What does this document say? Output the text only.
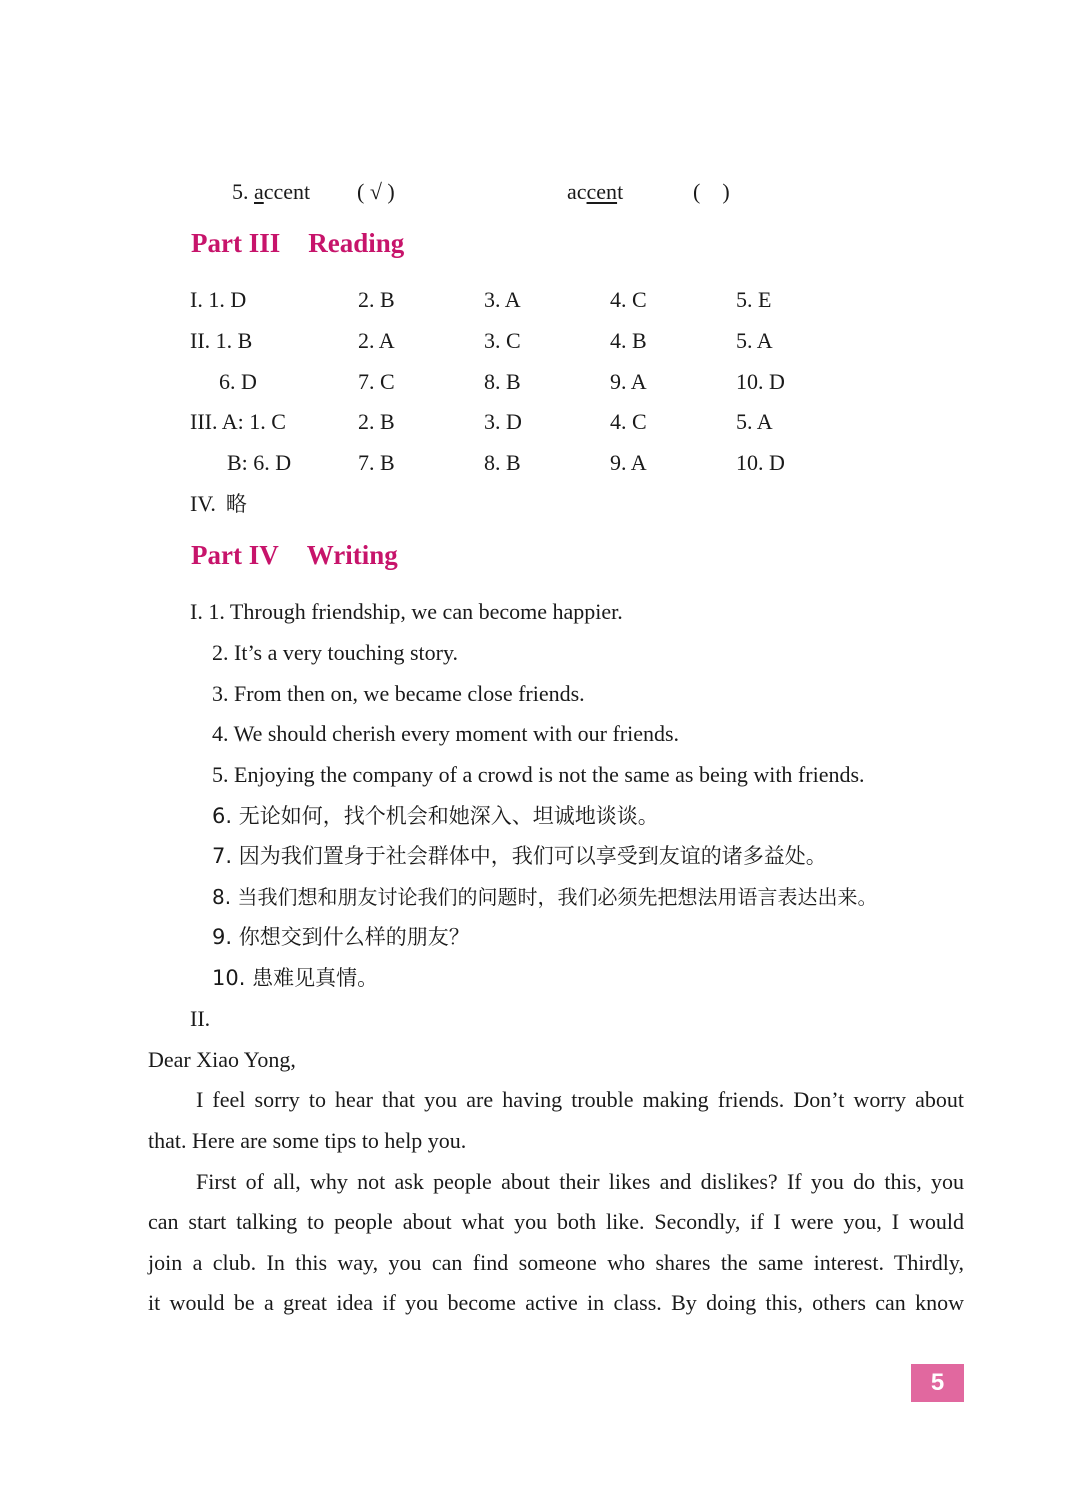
5. accent ( √ )	accent	(    )
Part III Reading
I. 1. D	2. B	3. A	4. C	5. E
II. 1. B	2. A	3. C	4. B	5. A
6. D	7. C	8. B	9. A	10. D
III. A: 1. C	2. B	3. D	4. C	5. A
B: 6. D	7. B	8. B	9. A	10. D
IV. 略
Part IV Writing
I. 1. Through friendship, we can become happier.
2. It’s a very touching story.
3. From then on, we became close friends.
4. We should cherish every moment with our friends.
5. Enjoying the company of a crowd is not the same as being with friends.
6. 无论如何，找个机会和她深入、坦诚地谈谈。
7. 因为我们置身于社会群体中，我们可以享受到友谊的诸多益处。
8. 当我们想和朋友讨论我们的问题时，我们必须先把想法用语言表达出来。
9. 你想交到什么样的朋友？
10. 患难见真情。
II.
Dear Xiao Yong,
I feel sorry to hear that you are having trouble making friends. Don’t worry about
that. Here are some tips to help you.
First of all, why not ask people about their likes and dislikes? If you do this, you
can start talking to people about what you both like. Secondly, if I were you, I would
join a club. In this way, you can find someone who shares the same interest. Thirdly,
it would be a great idea if you become active in class. By doing this, others can know
5
